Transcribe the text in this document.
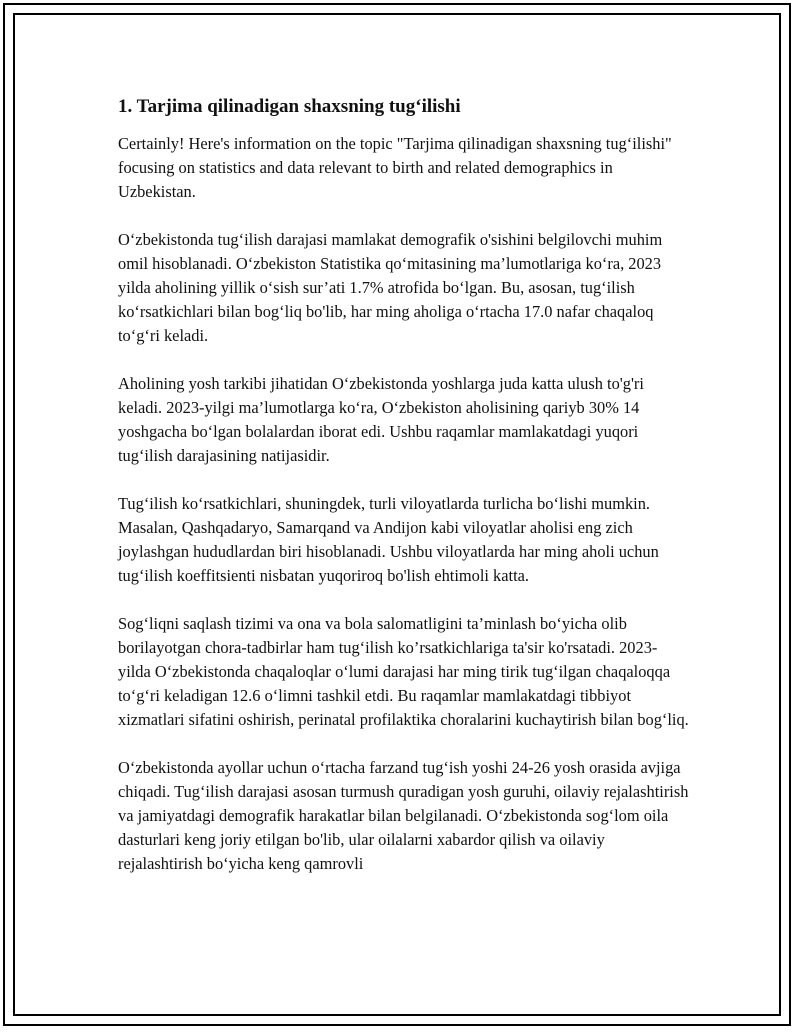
1. Tarjima qilinadigan shaxsning tug‘ilishi

Certainly! Here's information on the topic "Tarjima qilinadigan shaxsning tug‘ilishi" focusing on statistics and data relevant to birth and related demographics in Uzbekistan.

O‘zbekistonda tug‘ilish darajasi mamlakat demografik o'sishini belgilovchi muhim omil hisoblanadi. O‘zbekiston Statistika qo‘mitasining ma’lumotlariga ko‘ra, 2023 yilda aholining yillik o‘sish sur’ati 1.7% atrofida bo‘lgan. Bu, asosan, tug‘ilish ko‘rsatkichlari bilan bog‘liq bo'lib, har ming aholiga o‘rtacha 17.0 nafar chaqaloq to‘g‘ri keladi.

Aholining yosh tarkibi jihatidan O‘zbekistonda yoshlarga juda katta ulush to'g'ri keladi. 2023-yilgi ma’lumotlarga ko‘ra, O‘zbekiston aholisining qariyb 30% 14 yoshgacha bo‘lgan bolalardan iborat edi. Ushbu raqamlar mamlakatdagi yuqori tug‘ilish darajasining natijasidir.

Tug‘ilish ko‘rsatkichlari, shuningdek, turli viloyatlarda turlicha bo‘lishi mumkin. Masalan, Qashqadaryo, Samarqand va Andijon kabi viloyatlar aholisi eng zich joylashgan hududlardan biri hisoblanadi. Ushbu viloyatlarda har ming aholi uchun tug‘ilish koeffitsienti nisbatan yuqoriroq bo'lish ehtimoli katta.

Sog‘liqni saqlash tizimi va ona va bola salomatligini ta’minlash bo‘yicha olib borilayotgan chora-tadbirlar ham tug‘ilish ko’rsatkichlariga ta'sir ko'rsatadi. 2023-yilda O‘zbekistonda chaqaloqlar o‘lumi darajasi har ming tirik tug‘ilgan chaqaloqqa to‘g‘ri keladigan 12.6 o‘limni tashkil etdi. Bu raqamlar mamlakatdagi tibbiyot xizmatlari sifatini oshirish, perinatal profilaktika choralarini kuchaytirish bilan bog‘liq.

O‘zbekistonda ayollar uchun o‘rtacha farzand tug‘ish yoshi 24-26 yosh orasida avjiga chiqadi. Tug‘ilish darajasi asosan turmush quradigan yosh guruhi, oilaviy rejalashtirish va jamiyatdagi demografik harakatlar bilan belgilanadi. O‘zbekistonda sog‘lom oila dasturlari keng joriy etilgan bo'lib, ular oilalarni xabardor qilish va oilaviy rejalashtirish bo‘yicha keng qamrovli
